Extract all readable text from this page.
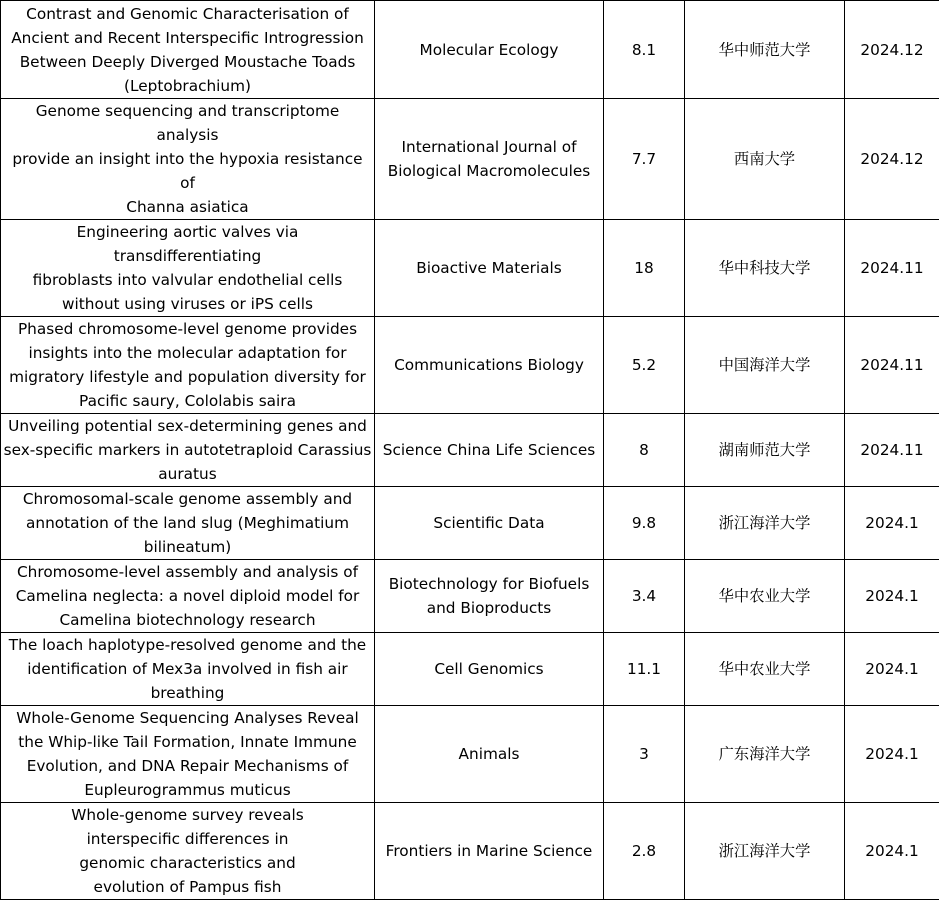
Contrast and Genomic Characterisation of
Ancient and Recent Interspecific Introgression
Between Deeply Diverged Moustache Toads
(Leptobrachium)	Molecular Ecology	8.1	华中师范大学	2024.12
Genome sequencing and transcriptome analysis
provide an insight into the hypoxia resistance of
Channa asiatica	International Journal of
Biological Macromolecules	7.7	西南大学	2024.12
Engineering aortic valves via transdifferentiating
fibroblasts into valvular endothelial cells
without using viruses or iPS cells	Bioactive Materials	18	华中科技大学	2024.11
Phased chromosome-level genome provides
insights into the molecular adaptation for
migratory lifestyle and population diversity for
Pacific saury, Cololabis saira	Communications Biology	5.2	中国海洋大学	2024.11
Unveiling potential sex-determining genes and
sex-specific markers in autotetraploid Carassius
auratus	Science China Life Sciences	8	湖南师范大学	2024.11
Chromosomal-scale genome assembly and
annotation of the land slug (Meghimatium
bilineatum)	Scientific Data	9.8	浙江海洋大学	2024.1
Chromosome-level assembly and analysis of
Camelina neglecta: a novel diploid model for
Camelina biotechnology research	Biotechnology for Biofuels
and Bioproducts	3.4	华中农业大学	2024.1
The loach haplotype-resolved genome and the
identification of Mex3a involved in fish air
breathing	Cell Genomics	11.1	华中农业大学	2024.1
Whole-Genome Sequencing Analyses Reveal
the Whip-like Tail Formation, Innate Immune
Evolution, and DNA Repair Mechanisms of
Eupleurogrammus muticus	Animals	3	广东海洋大学	2024.1
Whole-genome survey reveals
interspecific differences in
genomic characteristics and
evolution of Pampus fish	Frontiers in Marine Science	2.8	浙江海洋大学	2024.1
